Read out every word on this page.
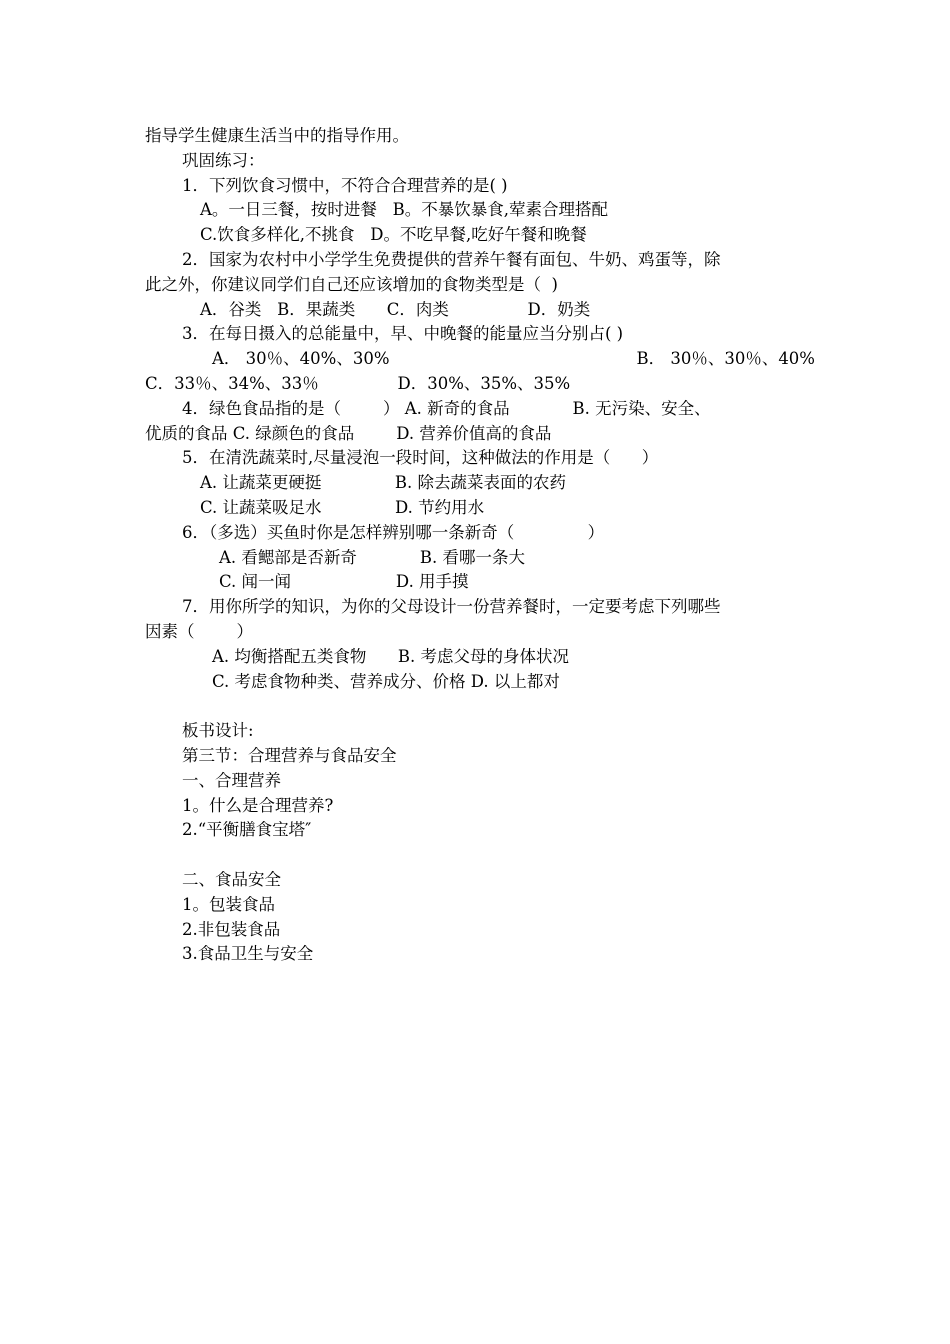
指导学生健康生活当中的指导作用。
巩固练习：
1．下列饮食习惯中，不符合合理营养的是( )
A。一日三餐，按时进餐   B。不暴饮暴食,荤素合理搭配
C.饮食多样化,不挑食   D。不吃早餐,吃好午餐和晚餐
2．国家为农村中小学学生免费提供的营养午餐有面包、牛奶、鸡蛋等，除
此之外，你建议同学们自己还应该增加的食物类型是（  )
A．谷类   B．果蔬类      C．肉类               D．奶类
3．在每日摄入的总能量中，早、中晚餐的能量应当分别占( )
A． 30％、40%、30%	B． 30％、30％、40%
C．33％、34%、33％               D．30%、35%、35%
4．绿色食品指的是（        ） A. 新奇的食品            B. 无污染、安全、
优质的食品 C. 绿颜色的食品        D. 营养价值高的食品
5．在清洗蔬菜时,尽量浸泡一段时间，这种做法的作用是（      ）
A. 让蔬菜更硬挺              B. 除去蔬菜表面的农药
C. 让蔬菜吸足水              D. 节约用水
6．（多选）买鱼时你是怎样辨别哪一条新奇（              ）
A. 看鳃部是否新奇            B. 看哪一条大
C. 闻一闻                    D. 用手摸
7．用你所学的知识，为你的父母设计一份营养餐时，一定要考虑下列哪些
因素（        ）
A. 均衡搭配五类食物      B. 考虑父母的身体状况
C. 考虑食物种类、营养成分、价格 D. 以上都对
板书设计:
第三节：合理营养与食品安全
一、合理营养
1。什么是合理营养?
2.“平衡膳食宝塔″
二、食品安全
1。包装食品
2.非包装食品
3.食品卫生与安全
